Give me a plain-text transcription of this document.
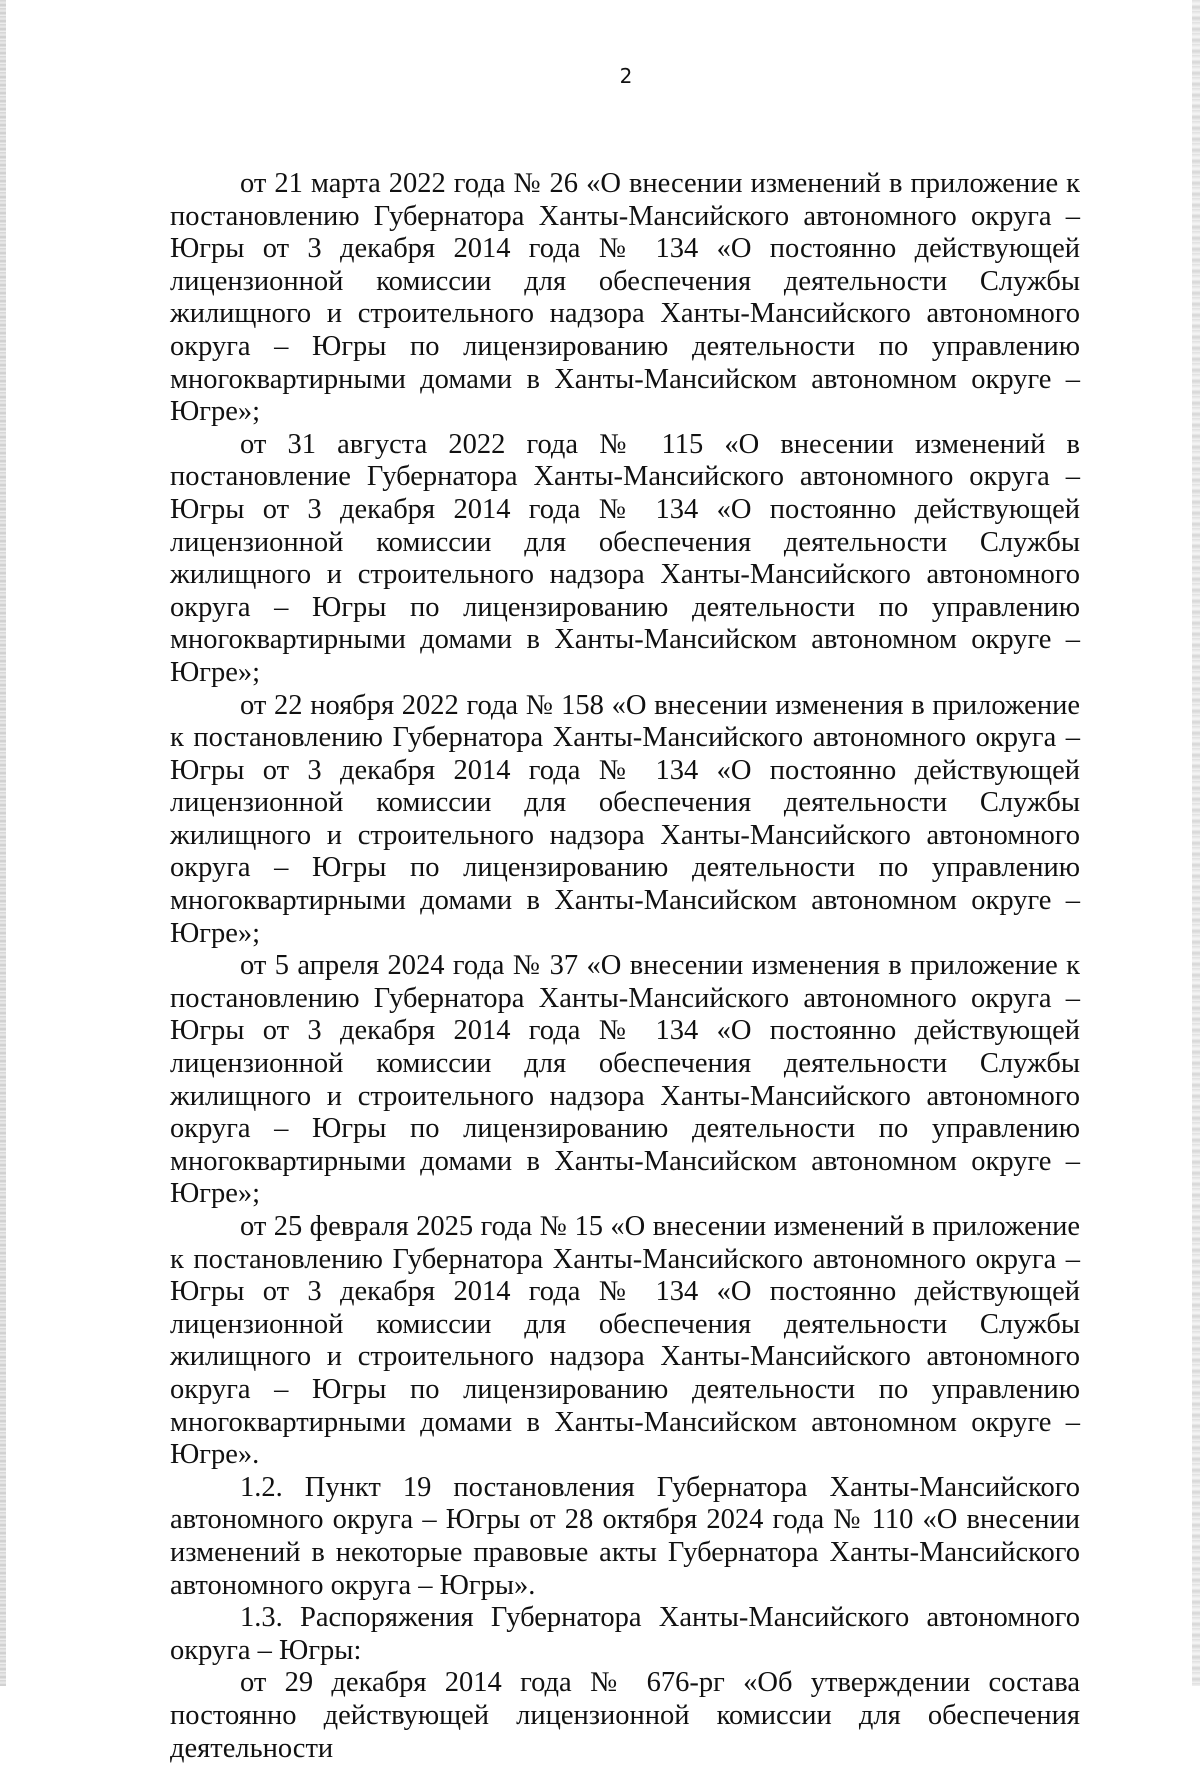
2

от 21 марта 2022 года № 26 «О внесении изменений в приложение к постановлению Губернатора Ханты-Мансийского автономного округа – Югры от 3 декабря 2014 года № 134 «О постоянно действующей лицензионной комиссии для обеспечения деятельности Службы жилищного и строительного надзора Ханты-Мансийского автономного округа – Югры по лицензированию деятельности по управлению многоквартирными домами в Ханты-Мансийском автономном округе – Югре»;

от 31 августа 2022 года № 115 «О внесении изменений в постановление Губернатора Ханты-Мансийского автономного округа – Югры от 3 декабря 2014 года № 134 «О постоянно действующей лицензионной комиссии для обеспечения деятельности Службы жилищного и строительного надзора Ханты-Мансийского автономного округа – Югры по лицензированию деятельности по управлению многоквартирными домами в Ханты-Мансийском автономном округе – Югре»;

от 22 ноября 2022 года № 158 «О внесении изменения в приложение к постановлению Губернатора Ханты-Мансийского автономного округа – Югры от 3 декабря 2014 года № 134 «О постоянно действующей лицензионной комиссии для обеспечения деятельности Службы жилищного и строительного надзора Ханты-Мансийского автономного округа – Югры по лицензированию деятельности по управлению многоквартирными домами в Ханты-Мансийском автономном округе – Югре»;

от 5 апреля 2024 года № 37 «О внесении изменения в приложение к постановлению Губернатора Ханты-Мансийского автономного округа – Югры от 3 декабря 2014 года № 134 «О постоянно действующей лицензионной комиссии для обеспечения деятельности Службы жилищного и строительного надзора Ханты-Мансийского автономного округа – Югры по лицензированию деятельности по управлению многоквартирными домами в Ханты-Мансийском автономном округе – Югре»;

от 25 февраля 2025 года № 15 «О внесении изменений в приложение к постановлению Губернатора Ханты-Мансийского автономного округа – Югры от 3 декабря 2014 года № 134 «О постоянно действующей лицензионной комиссии для обеспечения деятельности Службы жилищного и строительного надзора Ханты-Мансийского автономного округа – Югры по лицензированию деятельности по управлению многоквартирными домами в Ханты-Мансийском автономном округе – Югре».

1.2. Пункт 19 постановления Губернатора Ханты-Мансийского автономного округа – Югры от 28 октября 2024 года № 110 «О внесении изменений в некоторые правовые акты Губернатора Ханты-Мансийского автономного округа – Югры».

1.3. Распоряжения Губернатора Ханты-Мансийского автономного округа – Югры:

от 29 декабря 2014 года № 676-рг «Об утверждении состава постоянно действующей лицензионной комиссии для обеспечения деятельности
